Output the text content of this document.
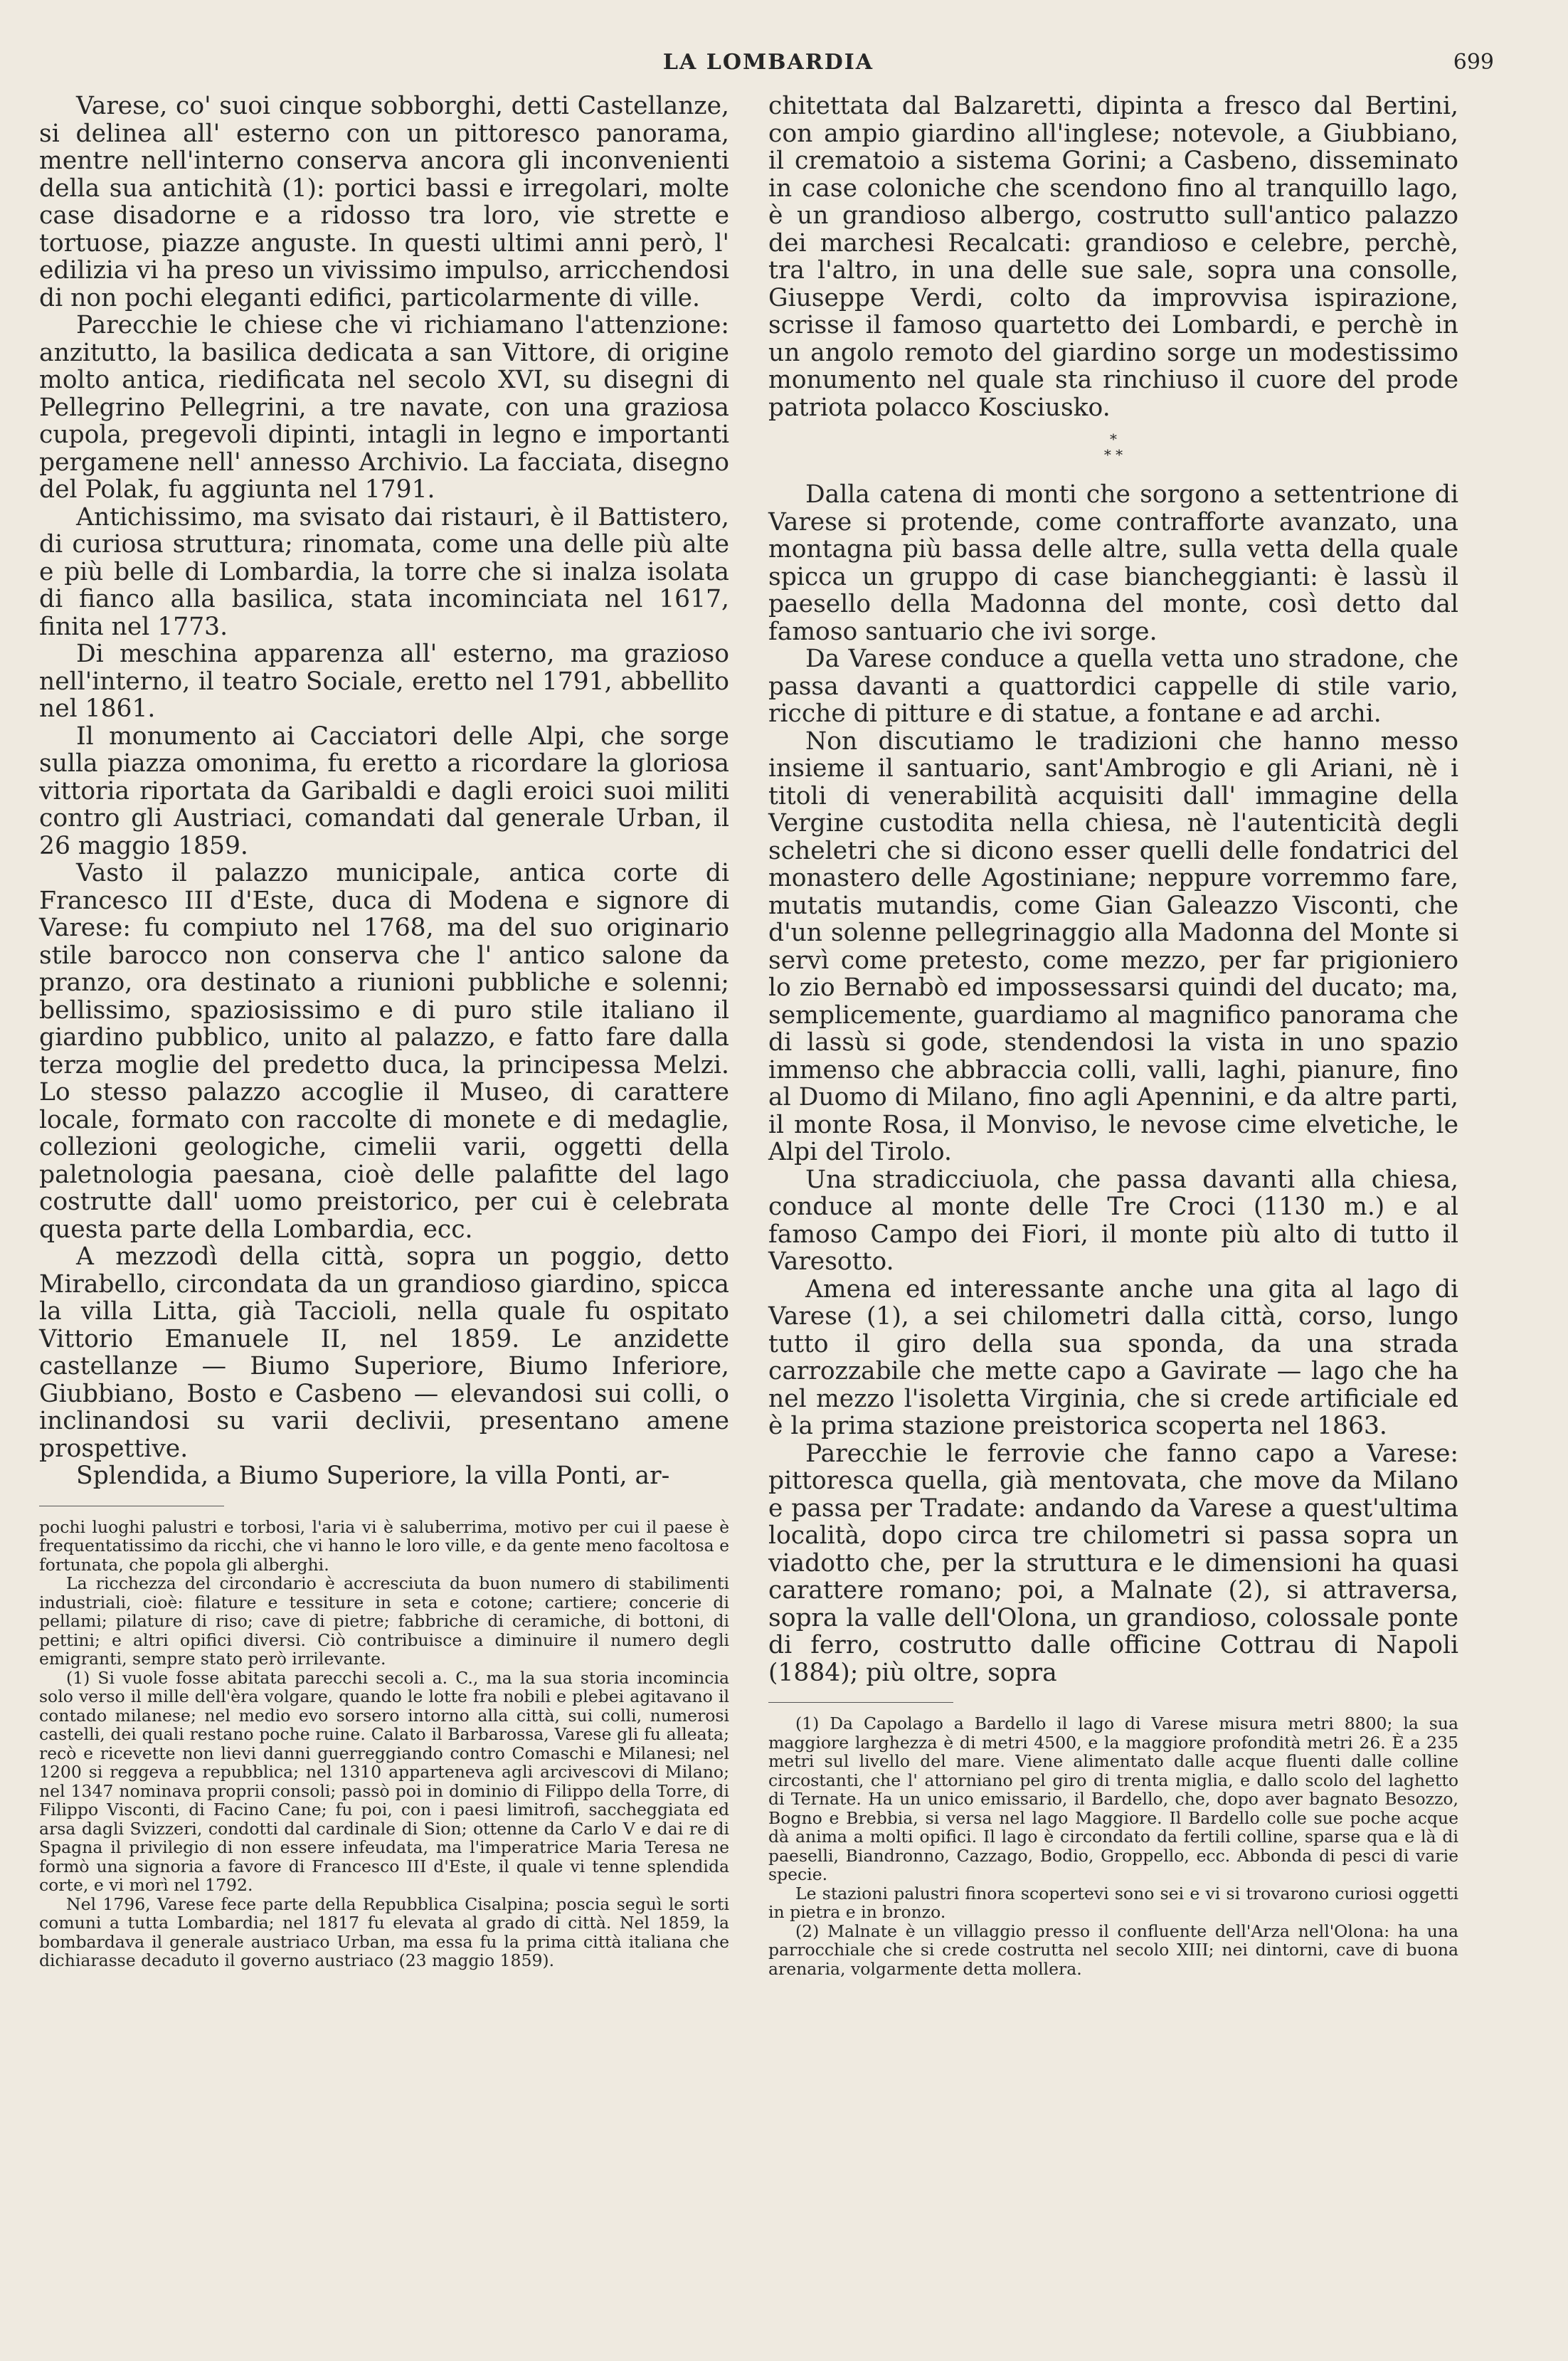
LA LOMBARDIA	699

Varese, co' suoi cinque sobborghi, detti Castellanze, si delinea all' esterno con un pittoresco panorama, mentre nell'interno conserva ancora gli inconvenienti della sua antichità (1): portici bassi e irregolari, molte case disadorne e a ridosso tra loro, vie strette e tortuose, piazze anguste. In questi ultimi anni però, l' edilizia vi ha preso un vivissimo impulso, arricchendosi di non pochi eleganti edifici, particolarmente di ville.

Parecchie le chiese che vi richiamano l'attenzione: anzitutto, la basilica dedicata a san Vittore, di origine molto antica, riedificata nel secolo XVI, su disegni di Pellegrino Pellegrini, a tre navate, con una graziosa cupola, pregevoli dipinti, intagli in legno e importanti pergamene nell' annesso Archivio. La facciata, disegno del Polak, fu aggiunta nel 1791.

Antichissimo, ma svisato dai ristauri, è il Battistero, di curiosa struttura; rinomata, come una delle più alte e più belle di Lombardia, la torre che si inalza isolata di fianco alla basilica, stata incominciata nel 1617, finita nel 1773.

Di meschina apparenza all' esterno, ma grazioso nell'interno, il teatro Sociale, eretto nel 1791, abbellito nel 1861.

Il monumento ai Cacciatori delle Alpi, che sorge sulla piazza omonima, fu eretto a ricordare la gloriosa vittoria riportata da Garibaldi e dagli eroici suoi militi contro gli Austriaci, comandati dal generale Urban, il 26 maggio 1859.

Vasto il palazzo municipale, antica corte di Francesco III d'Este, duca di Modena e signore di Varese: fu compiuto nel 1768, ma del suo originario stile barocco non conserva che l' antico salone da pranzo, ora destinato a riunioni pubbliche e solenni; bellissimo, spaziosissimo e di puro stile italiano il giardino pubblico, unito al palazzo, e fatto fare dalla terza moglie del predetto duca, la principessa Melzi. Lo stesso palazzo accoglie il Museo, di carattere locale, formato con raccolte di monete e di medaglie, collezioni geologiche, cimelii varii, oggetti della paletnologia paesana, cioè delle palafitte del lago costrutte dall' uomo preistorico, per cui è celebrata questa parte della Lombardia, ecc.

A mezzodì della città, sopra un poggio, detto Mirabello, circondata da un grandioso giardino, spicca la villa Litta, già Taccioli, nella quale fu ospitato Vittorio Emanuele II, nel 1859. Le anzidette castellanze — Biumo Superiore, Biumo Inferiore, Giubbiano, Bosto e Casbeno — elevandosi sui colli, o inclinandosi su varii declivii, presentano amene prospettive.

Splendida, a Biumo Superiore, la villa Ponti, ar-

pochi luoghi palustri e torbosi, l'aria vi è saluberrima, motivo per cui il paese è frequentatissimo da ricchi, che vi hanno le loro ville, e da gente meno facoltosa e fortunata, che popola gli alberghi.

La ricchezza del circondario è accresciuta da buon numero di stabilimenti industriali, cioè: filature e tessiture in seta e cotone; cartiere; concerie di pellami; pilature di riso; cave di pietre; fabbriche di ceramiche, di bottoni, di pettini; e altri opifici diversi. Ciò contribuisce a diminuire il numero degli emigranti, sempre stato però irrilevante.

(1) Si vuole fosse abitata parecchi secoli a. C., ma la sua storia incomincia solo verso il mille dell'èra volgare, quando le lotte fra nobili e plebei agitavano il contado milanese; nel medio evo sorsero intorno alla città, sui colli, numerosi castelli, dei quali restano poche ruine. Calato il Barbarossa, Varese gli fu alleata; recò e ricevette non lievi danni guerreggiando contro Comaschi e Milanesi; nel 1200 si reggeva a repubblica; nel 1310 apparteneva agli arcivescovi di Milano; nel 1347 nominava proprii consoli; passò poi in dominio di Filippo della Torre, di Filippo Visconti, di Facino Cane; fu poi, con i paesi limitrofi, saccheggiata ed arsa dagli Svizzeri, condotti dal cardinale di Sion; ottenne da Carlo V e dai re di Spagna il privilegio di non essere infeudata, ma l'imperatrice Maria Teresa ne formò una signoria a favore di Francesco III d'Este, il quale vi tenne splendida corte, e vi morì nel 1792.

Nel 1796, Varese fece parte della Repubblica Cisalpina; poscia seguì le sorti comuni a tutta Lombardia; nel 1817 fu elevata al grado di città. Nel 1859, la bombardava il generale austriaco Urban, ma essa fu la prima città italiana che dichiarasse decaduto il governo austriaco (23 maggio 1859).

chitettata dal Balzaretti, dipinta a fresco dal Bertini, con ampio giardino all'inglese; notevole, a Giubbiano, il crematoio a sistema Gorini; a Casbeno, disseminato in case coloniche che scendono fino al tranquillo lago, è un grandioso albergo, costrutto sull'antico palazzo dei marchesi Recalcati: grandioso e celebre, perchè, tra l'altro, in una delle sue sale, sopra una consolle, Giuseppe Verdi, colto da improvvisa ispirazione, scrisse il famoso quartetto dei Lombardi, e perchè in un angolo remoto del giardino sorge un modestissimo monumento nel quale sta rinchiuso il cuore del prode patriota polacco Kosciusko.

*
* *

Dalla catena di monti che sorgono a settentrione di Varese si protende, come contrafforte avanzato, una montagna più bassa delle altre, sulla vetta della quale spicca un gruppo di case biancheggianti: è lassù il paesello della Madonna del monte, così detto dal famoso santuario che ivi sorge.

Da Varese conduce a quella vetta uno stradone, che passa davanti a quattordici cappelle di stile vario, ricche di pitture e di statue, a fontane e ad archi.

Non discutiamo le tradizioni che hanno messo insieme il santuario, sant'Ambrogio e gli Ariani, nè i titoli di venerabilità acquisiti dall' immagine della Vergine custodita nella chiesa, nè l'autenticità degli scheletri che si dicono esser quelli delle fondatrici del monastero delle Agostiniane; neppure vorremmo fare, mutatis mutandis, come Gian Galeazzo Visconti, che d'un solenne pellegrinaggio alla Madonna del Monte si servì come pretesto, come mezzo, per far prigioniero lo zio Bernabò ed impossessarsi quindi del ducato; ma, semplicemente, guardiamo al magnifico panorama che di lassù si gode, stendendosi la vista in uno spazio immenso che abbraccia colli, valli, laghi, pianure, fino al Duomo di Milano, fino agli Apennini, e da altre parti, il monte Rosa, il Monviso, le nevose cime elvetiche, le Alpi del Tirolo.

Una stradicciuola, che passa davanti alla chiesa, conduce al monte delle Tre Croci (1130 m.) e al famoso Campo dei Fiori, il monte più alto di tutto il Varesotto.

Amena ed interessante anche una gita al lago di Varese (1), a sei chilometri dalla città, corso, lungo tutto il giro della sua sponda, da una strada carrozzabile che mette capo a Gavirate — lago che ha nel mezzo l'isoletta Virginia, che si crede artificiale ed è la prima stazione preistorica scoperta nel 1863.

Parecchie le ferrovie che fanno capo a Varese: pittoresca quella, già mentovata, che move da Milano e passa per Tradate: andando da Varese a quest'ultima località, dopo circa tre chilometri si passa sopra un viadotto che, per la struttura e le dimensioni ha quasi carattere romano; poi, a Malnate (2), si attraversa, sopra la valle dell'Olona, un grandioso, colossale ponte di ferro, costrutto dalle officine Cottrau di Napoli (1884); più oltre, sopra

(1) Da Capolago a Bardello il lago di Varese misura metri 8800; la sua maggiore larghezza è di metri 4500, e la maggiore profondità metri 26. È a 235 metri sul livello del mare. Viene alimentato dalle acque fluenti dalle colline circostanti, che l' attorniano pel giro di trenta miglia, e dallo scolo del laghetto di Ternate. Ha un unico emissario, il Bardello, che, dopo aver bagnato Besozzo, Bogno e Brebbia, si versa nel lago Maggiore. Il Bardello colle sue poche acque dà anima a molti opifici. Il lago è circondato da fertili colline, sparse qua e là di paeselli, Biandronno, Cazzago, Bodio, Groppello, ecc. Abbonda di pesci di varie specie.

Le stazioni palustri finora scopertevi sono sei e vi si trovarono curiosi oggetti in pietra e in bronzo.

(2) Malnate è un villaggio presso il confluente dell'Arza nell'Olona: ha una parrocchiale che si crede costrutta nel secolo XIII; nei dintorni, cave di buona arenaria, volgarmente detta mollera.
